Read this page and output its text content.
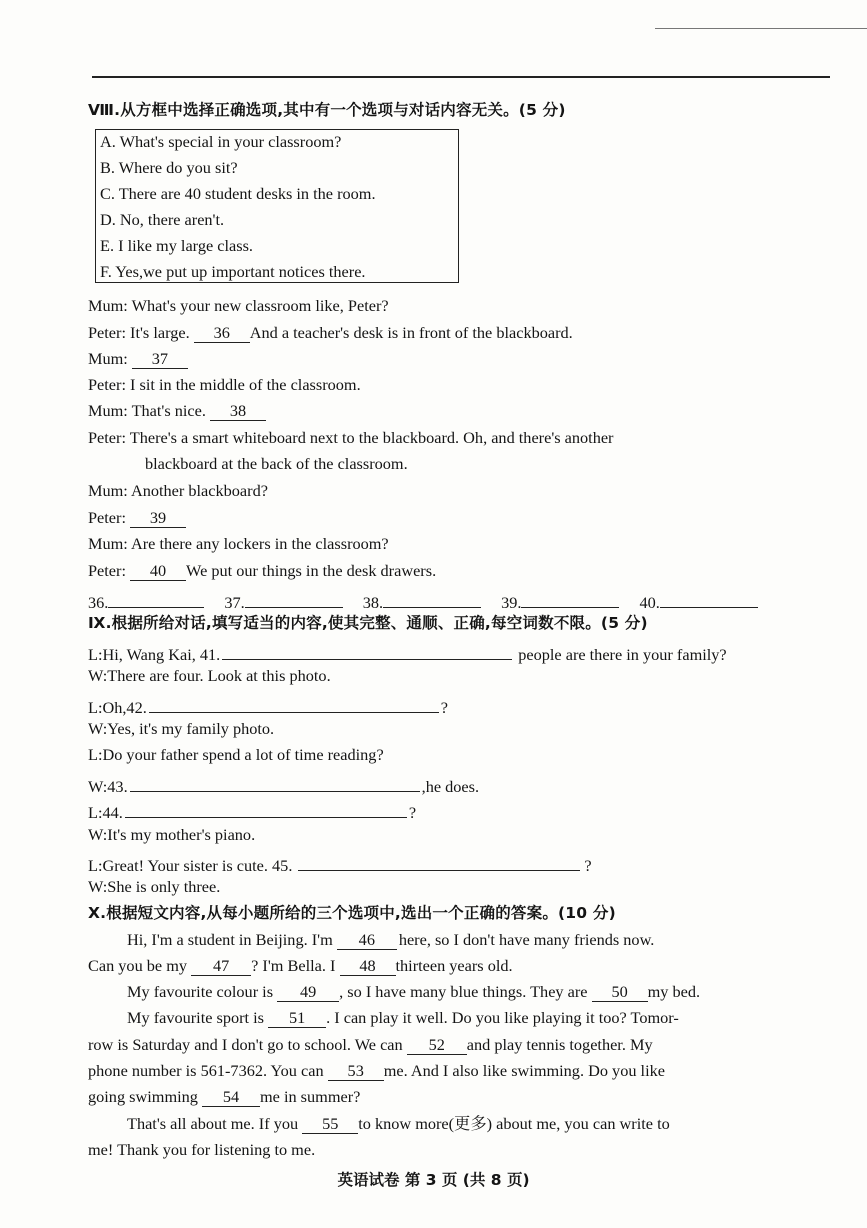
Ⅷ.从方框中选择正确选项,其中有一个选项与对话内容无关。(5 分)
A. What's special in your classroom?
B. Where do you sit?
C. There are 40 student desks in the room.
D. No, there aren't.
E. I like my large class.
F. Yes,we put up important notices there.
Mum: What's your new classroom like, Peter?
Peter: It's large. 36 And a teacher's desk is in front of the blackboard.
Mum: 37
Peter: I sit in the middle of the classroom.
Mum: That's nice. 38
Peter: There's a smart whiteboard next to the blackboard. Oh, and there's another
blackboard at the back of the classroom.
Mum: Another blackboard?
Peter: 39
Mum: Are there any lockers in the classroom?
Peter: 40 We put our things in the desk drawers.
36.	37.	38.	39.	40.
Ⅸ.根据所给对话,填写适当的内容,使其完整、通顺、正确,每空词数不限。(5 分)
L:Hi, Wang Kai, 41.	people are there in your family?
W:There are four. Look at this photo.
L:Oh,42.	?
W:Yes, it's my family photo.
L:Do your father spend a lot of time reading?
W:43.	,he does.
L:44.	?
W:It's my mother's piano.
L:Great! Your sister is cute. 45.	?
W:She is only three.
Ⅹ.根据短文内容,从每小题所给的三个选项中,选出一个正确的答案。(10 分)
Hi, I'm a student in Beijing. I'm 46 here, so I don't have many friends now.
Can you be my 47 ? I'm Bella. I 48 thirteen years old.
My favourite colour is 49 , so I have many blue things. They are 50 my bed.
My favourite sport is 51 . I can play it well. Do you like playing it too? Tomor-
row is Saturday and I don't go to school. We can 52 and play tennis together. My
phone number is 561-7362. You can 53 me. And I also like swimming. Do you like
going swimming 54 me in summer?
That's all about me. If you 55 to know more(更多) about me, you can write to
me! Thank you for listening to me.
英语试卷 第 3 页 (共 8 页)
